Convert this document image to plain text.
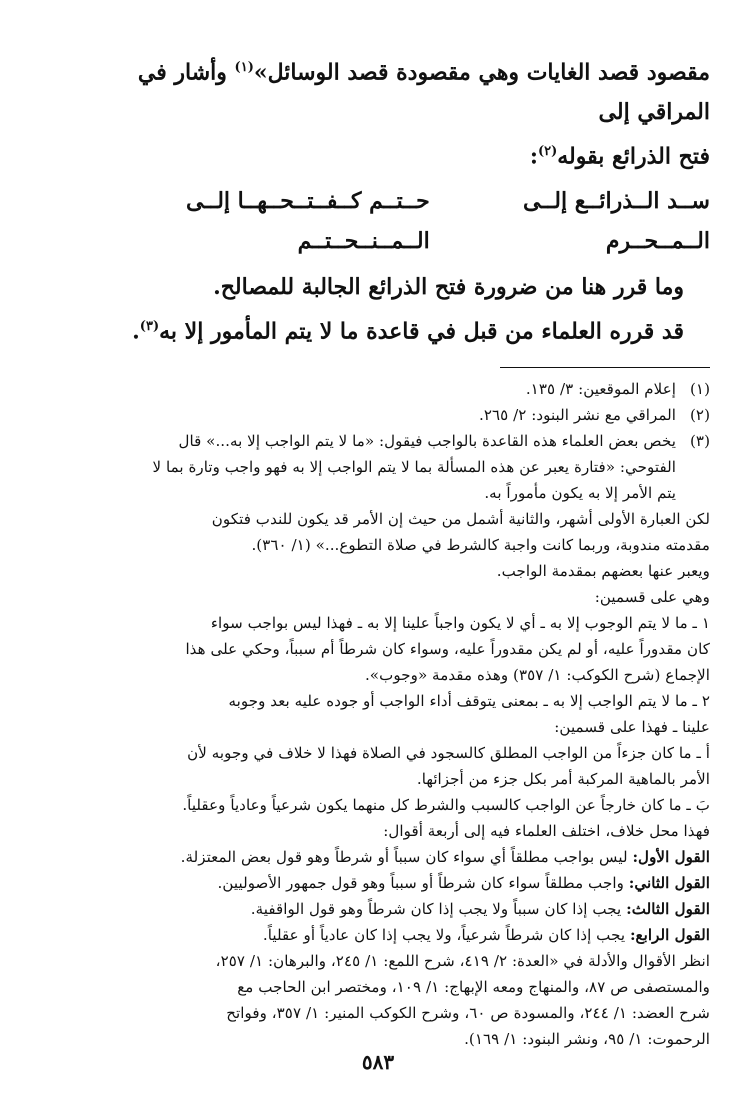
مقصود قصد الغايات وهي مقصودة قصد الوسائل»$^{(١)}$ وأشار في المراقي إلى

فتح الذرائع بقوله$^{(٢)}$:

ســد الــذرائــع إلــى الــمــحــرم
حــتــم كــفــتــحــهــا إلــى الــمــنــحــتــم

وما قرر هنا من ضرورة فتح الذرائع الجالبة للمصالح.

قد قرره العلماء من قبل في قاعدة ما لا يتم المأمور إلا به$^{(٣)}$.

(١)
إعلام الموقعين: ٣/ ١٣٥.
(٢)
المراقي مع نشر البنود: ٢/ ٢٦٥.
(٣)

يخص بعض العلماء هذه القاعدة بالواجب فيقول: «ما لا يتم الواجب إلا به...» قال

الفتوحي: «فتارة يعبر عن هذه المسألة بما لا يتم الواجب إلا به فهو واجب وتارة بما لا

يتم الأمر إلا به يكون مأموراً به.

لكن العبارة الأولى أشهر، والثانية أشمل من حيث إن الأمر قد يكون للندب فتكون

مقدمته مندوبة، وربما كانت واجبة كالشرط في صلاة التطوع...» (١/ ٣٦٠).

ويعبر عنها بعضهم بمقدمة الواجب.

وهي على قسمين:

١ ـ ما لا يتم الوجوب إلا به ـ أي لا يكون واجباً علينا إلا به ـ فهذا ليس بواجب سواء

كان مقدوراً عليه، أو لم يكن مقدوراً عليه، وسواء كان شرطاً أم سبباً، وحكي على هذا

الإجماع (شرح الكوكب: ١/ ٣٥٧) وهذه مقدمة «وجوب».

٢ ـ ما لا يتم الواجب إلا به ـ بمعنى يتوقف أداء الواجب أو جوده عليه بعد وجوبه

علينا ـ فهذا على قسمين:

أ ـ ما كان جزءاً من الواجب المطلق كالسجود في الصلاة فهذا لا خلاف في وجوبه لأن

الأمر بالماهية المركبة أمر بكل جزء من أجزائها.

بَ ـ ما كان خارجاً عن الواجب كالسبب والشرط كل منهما يكون شرعياً وعادياً وعقلياً.

فهذا محل خلاف، اختلف العلماء فيه إلى أربعة أقوال:

القول الأول: ليس بواجب مطلقاً أي سواء كان سبباً أو شرطاً وهو قول بعض المعتزلة.

القول الثاني: واجب مطلقاً سواء كان شرطاً أو سبباً وهو قول جمهور الأصوليين.

القول الثالث: يجب إذا كان سبباً ولا يجب إذا كان شرطاً وهو قول الواقفية.

القول الرابع: يجب إذا كان شرطاً شرعياً، ولا يجب إذا كان عادياً أو عقلياً.

انظر الأقوال والأدلة في «العدة: ٢/ ٤١٩، شرح اللمع: ١/ ٢٤٥، والبرهان: ١/ ٢٥٧،

والمستصفى ص ٨٧، والمنهاج ومعه الإبهاج: ١/ ١٠٩، ومختصر ابن الحاجب مع

شرح العضد: ١/ ٢٤٤، والمسودة ص ٦٠، وشرح الكوكب المنير: ١/ ٣٥٧، وفواتح

الرحموت: ١/ ٩٥، ونشر البنود: ١/ ١٦٩).

٥٨٣
